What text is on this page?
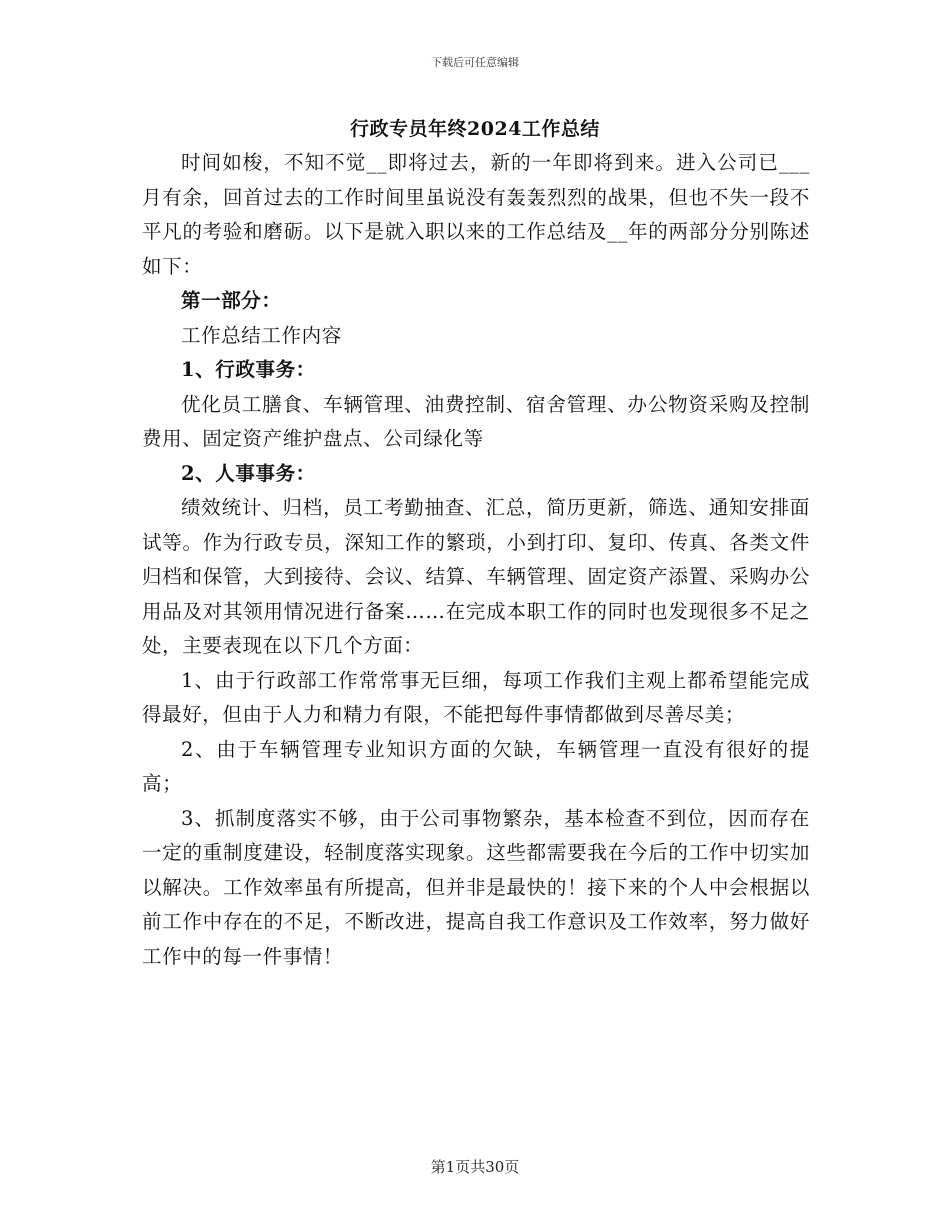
下载后可任意编辑
行政专员年终2024工作总结

时间如梭，不知不觉__即将过去，新的一年即将到来。进入公司已___月有余，回首过去的工作时间里虽说没有轰轰烈烈的战果，但也不失一段不平凡的考验和磨砺。以下是就入职以来的工作总结及__年的两部分分别陈述如下：

第一部分：

工作总结工作内容

1、行政事务：

优化员工膳食、车辆管理、油费控制、宿舍管理、办公物资采购及控制费用、固定资产维护盘点、公司绿化等

2、人事事务：

绩效统计、归档，员工考勤抽查、汇总，简历更新，筛选、通知安排面试等。作为行政专员，深知工作的繁琐，小到打印、复印、传真、各类文件归档和保管，大到接待、会议、结算、车辆管理、固定资产添置、采购办公用品及对其领用情况进行备案……在完成本职工作的同时也发现很多不足之处，主要表现在以下几个方面：

1、由于行政部工作常常事无巨细，每项工作我们主观上都希望能完成得最好，但由于人力和精力有限，不能把每件事情都做到尽善尽美；

2、由于车辆管理专业知识方面的欠缺，车辆管理一直没有很好的提高；

3、抓制度落实不够，由于公司事物繁杂，基本检查不到位，因而存在一定的重制度建设，轻制度落实现象。这些都需要我在今后的工作中切实加以解决。工作效率虽有所提高，但并非是最快的！接下来的个人中会根据以前工作中存在的不足，不断改进，提高自我工作意识及工作效率，努力做好工作中的每一件事情！

第1页共30页
